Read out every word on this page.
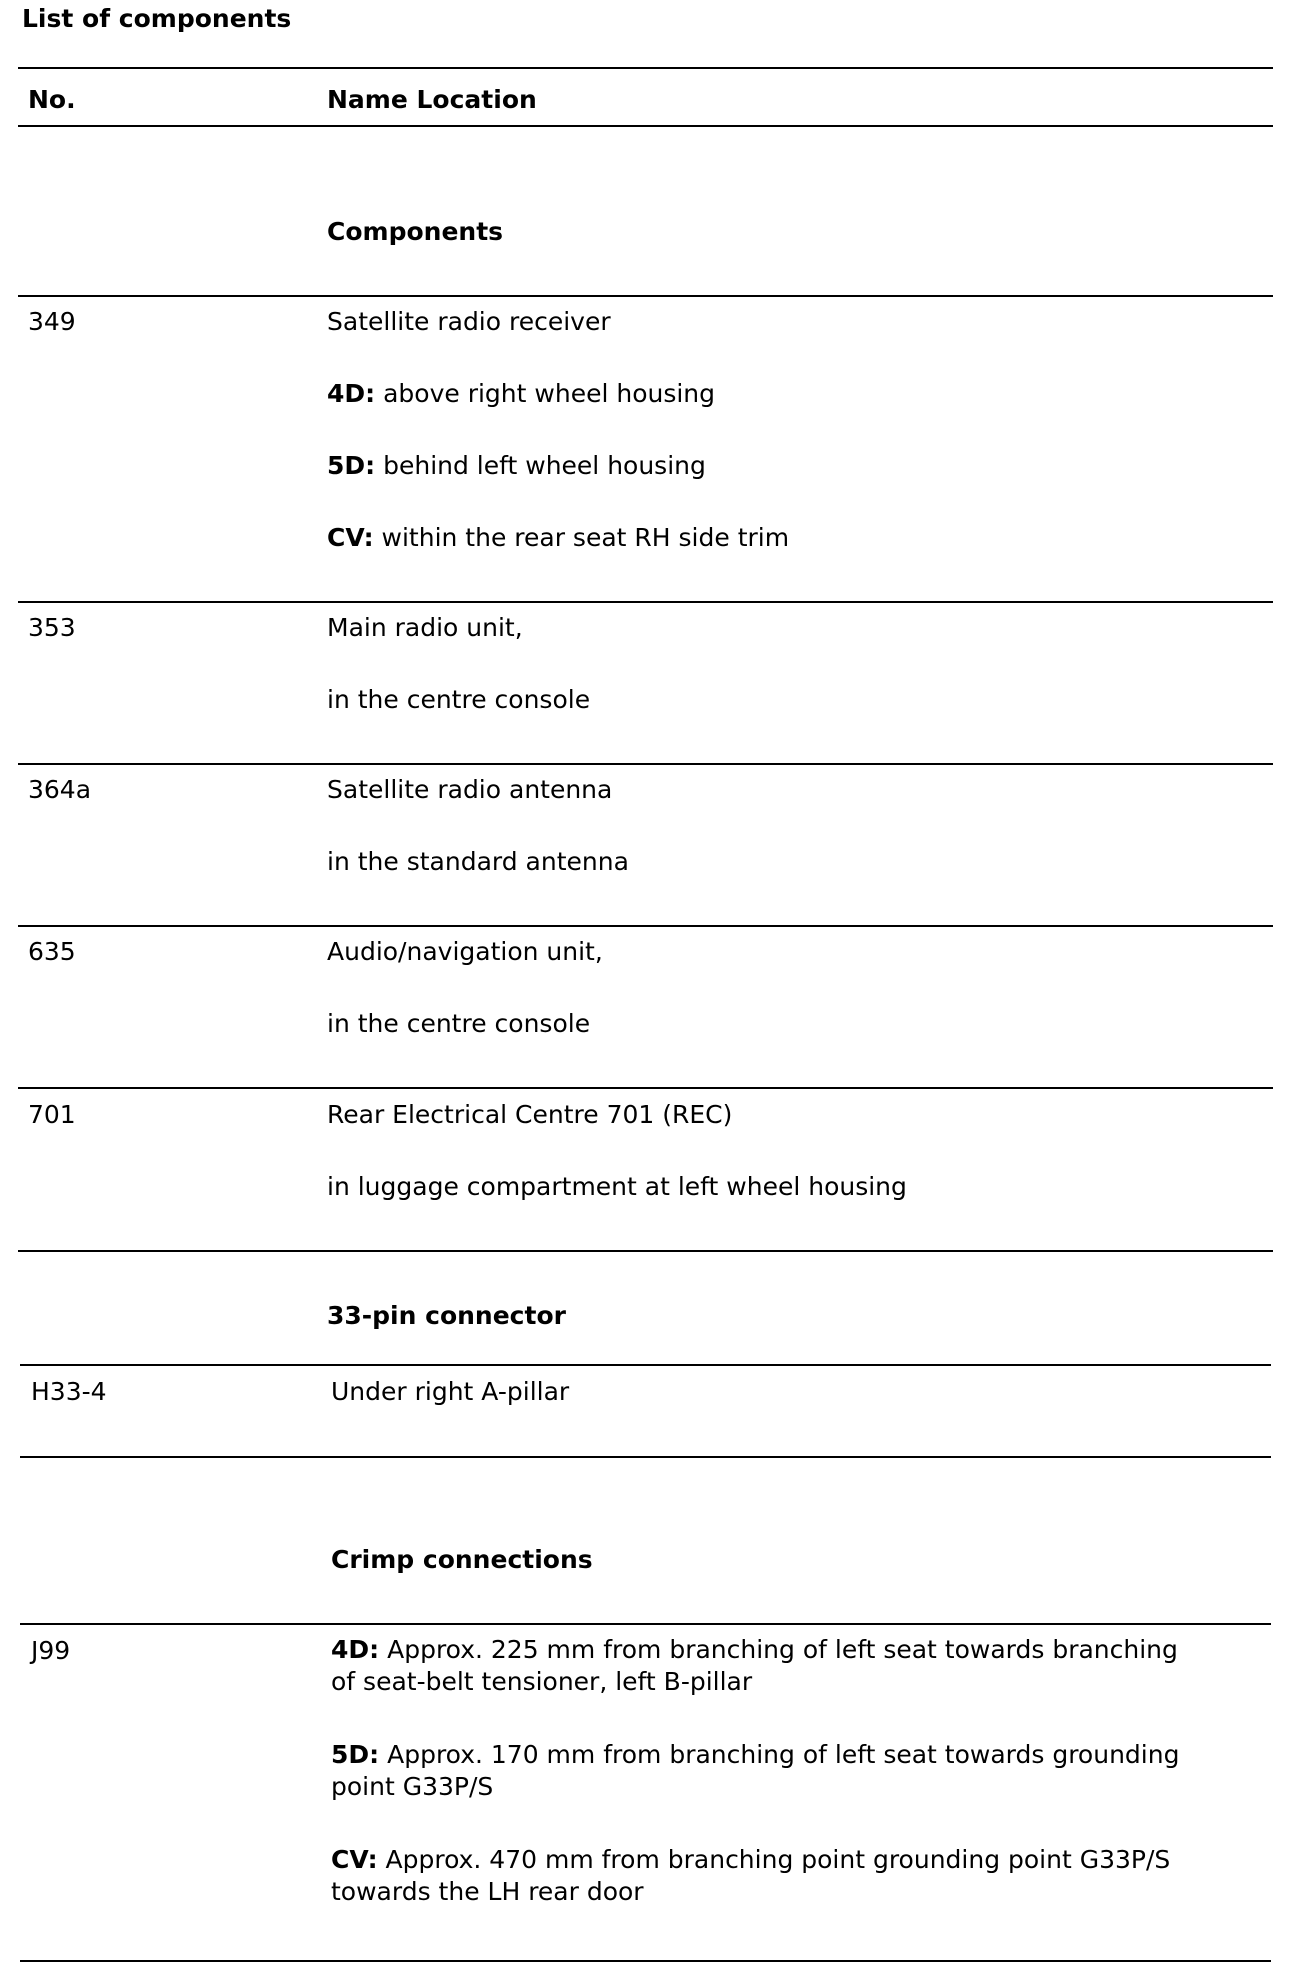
List of components
No.	Name Location
Components
349	Satellite radio receiver
4D: above right wheel housing
5D: behind left wheel housing
CV: within the rear seat RH side trim
353	Main radio unit,
in the centre console
364a	Satellite radio antenna
in the standard antenna
635	Audio/navigation unit,
in the centre console
701	Rear Electrical Centre 701 (REC)
in luggage compartment at left wheel housing
33-pin connector
H33-4	Under right A-pillar
Crimp connections
J99	4D: Approx. 225 mm from branching of left seat towards branching
of seat-belt tensioner, left B-pillar
5D: Approx. 170 mm from branching of left seat towards grounding
point G33P/S
CV: Approx. 470 mm from branching point grounding point G33P/S
towards the LH rear door
